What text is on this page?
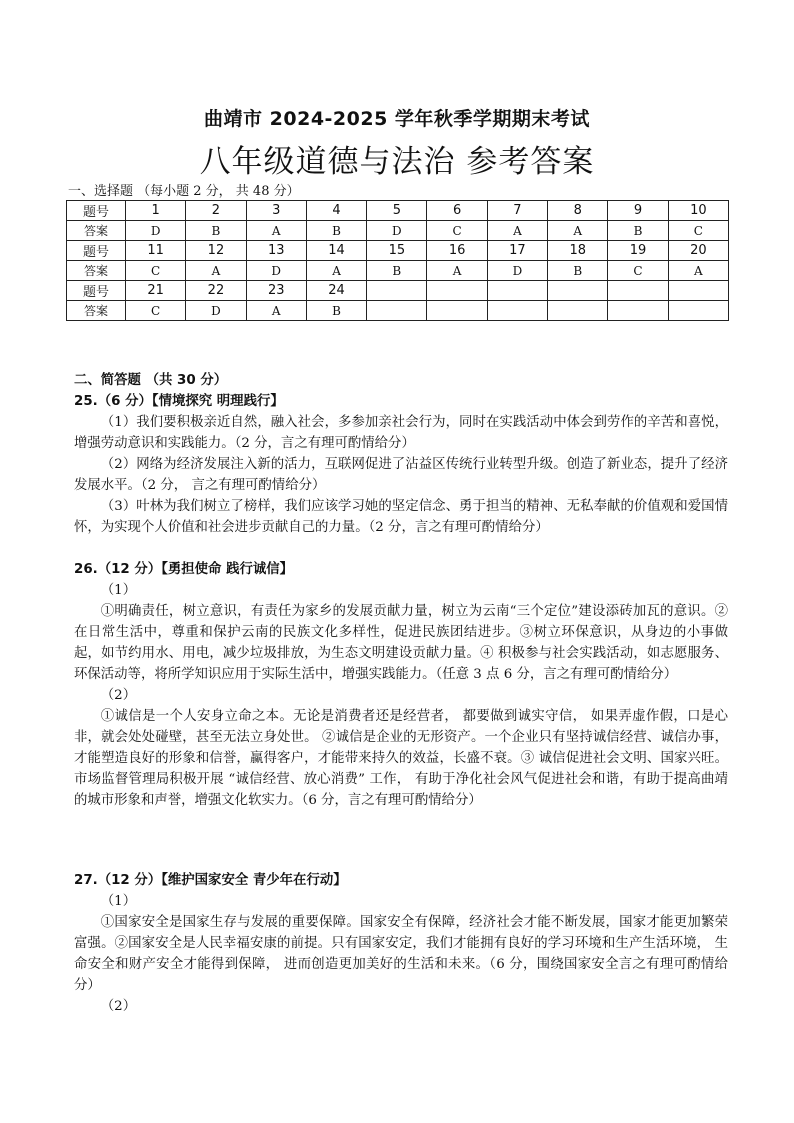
曲靖市 2024-2025 学年秋季学期期末考试
八年级道德与法治 参考答案
一、选择题 （每小题 2 分， 共 48 分）
题号	1	2	3	4	5	6	7	8	9	10
答案	D	B	A	B	D	C	A	A	B	C
题号	11	12	13	14	15	16	17	18	19	20
答案	C	A	D	A	B	A	D	B	C	A
题号	21	22	23	24						
答案	C	D	A	B						
二、简答题 （共 30 分）
25.（6 分）【情境探究 明理践行】

（1）我们要积极亲近自然，融入社会，多参加亲社会行为，同时在实践活动中体会到劳作的辛苦和喜悦，增强劳动意识和实践能力。（2 分，言之有理可酌情给分）

（2）网络为经济发展注入新的活力，互联网促进了沾益区传统行业转型升级。创造了新业态，提升了经济发展水平。（2 分， 言之有理可酌情给分）

（3）叶林为我们树立了榜样，我们应该学习她的坚定信念、勇于担当的精神、无私奉献的价值观和爱国情怀，为实现个人价值和社会进步贡献自己的力量。（2 分，言之有理可酌情给分）

26.（12 分）【勇担使命 践行诚信】

（1）

①明确责任，树立意识，有责任为家乡的发展贡献力量，树立为云南“三个定位”建设添砖加瓦的意识。②在日常生活中，尊重和保护云南的民族文化多样性，促进民族团结进步。③树立环保意识，从身边的小事做起，如节约用水、用电，减少垃圾排放，为生态文明建设贡献力量。④ 积极参与社会实践活动，如志愿服务、环保活动等，将所学知识应用于实际生活中，增强实践能力。（任意 3 点 6 分，言之有理可酌情给分）

（2）

①诚信是一个人安身立命之本。无论是消费者还是经营者， 都要做到诚实守信， 如果弄虚作假，口是心非，就会处处碰壁，甚至无法立身处世。 ②诚信是企业的无形资产。一个企业只有坚持诚信经营、诚信办事，才能塑造良好的形象和信誉，赢得客户，才能带来持久的效益，长盛不衰。③ 诚信促进社会文明、国家兴旺。市场监督管理局积极开展 “诚信经营、放心消费” 工作， 有助于净化社会风气促进社会和谐，有助于提高曲靖的城市形象和声誉，增强文化软实力。（6 分，言之有理可酌情给分）

27.（12 分）【维护国家安全 青少年在行动】

（1）

①国家安全是国家生存与发展的重要保障。国家安全有保障，经济社会才能不断发展，国家才能更加繁荣富强。②国家安全是人民幸福安康的前提。只有国家安定，我们才能拥有良好的学习环境和生产生活环境， 生命安全和财产安全才能得到保障， 进而创造更加美好的生活和未来。（6 分，围绕国家安全言之有理可酌情给分）

（2）
